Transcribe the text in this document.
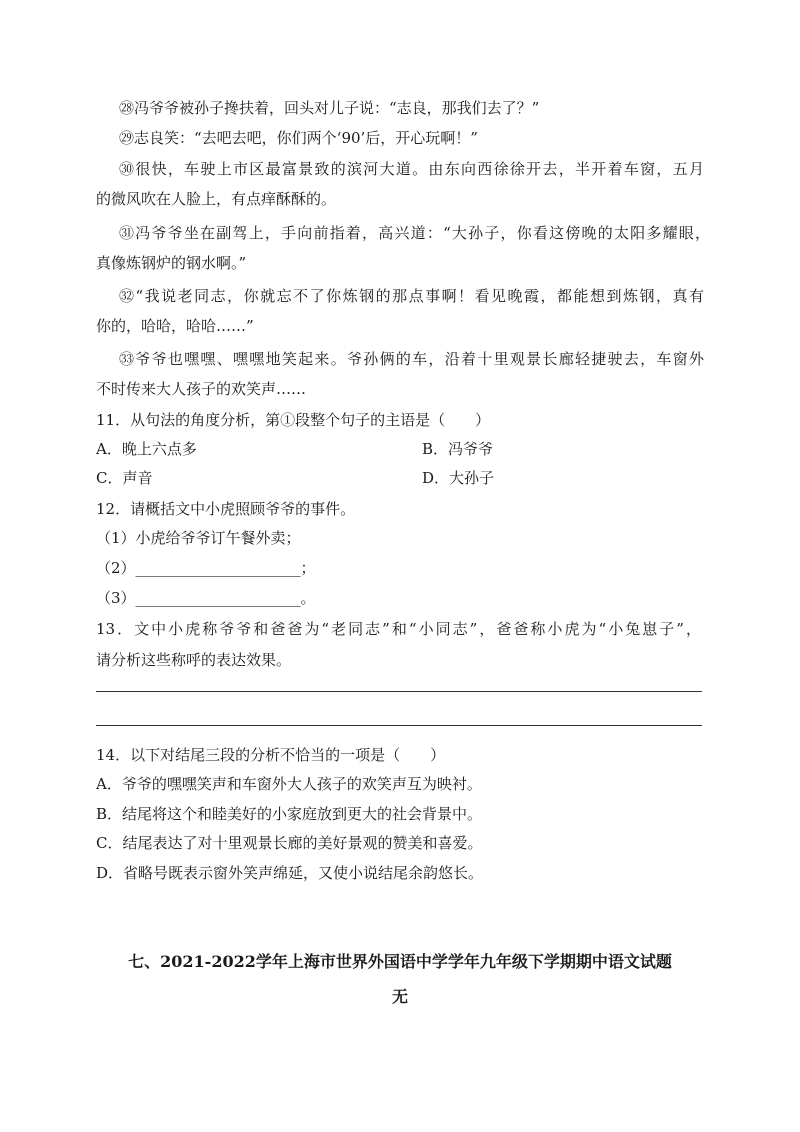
㉘冯爷爷被孙子搀扶着，回头对儿子说：“志良，那我们去了？”
㉙志良笑：“去吧去吧，你们两个‘90’后，开心玩啊！”
㉚很快，车驶上市区最富景致的滨河大道。由东向西徐徐开去，半开着车窗，五月
的微风吹在人脸上，有点痒酥酥的。
㉛冯爷爷坐在副驾上，手向前指着，高兴道：“大孙子，你看这傍晚的太阳多耀眼，
真像炼钢炉的钢水啊。”
㉜“我说老同志，你就忘不了你炼钢的那点事啊！看见晚霞，都能想到炼钢，真有
你的，哈哈，哈哈……”
㉝爷爷也嘿嘿、嘿嘿地笑起来。爷孙俩的车，沿着十里观景长廊轻捷驶去，车窗外
不时传来大人孩子的欢笑声……
11．从句法的角度分析，第①段整个句子的主语是（　　）
A．晚上六点多	B．冯爷爷
C．声音	D．大孙子
12．请概括文中小虎照顾爷爷的事件。
（1）小虎给爷爷订午餐外卖；
（2）______________________；
（3）______________________。
13．文中小虎称爷爷和爸爸为“老同志”和“小同志”，爸爸称小虎为“小兔崽子”，
请分析这些称呼的表达效果。
14．以下对结尾三段的分析不恰当的一项是（　　）
A．爷爷的嘿嘿笑声和车窗外大人孩子的欢笑声互为映衬。
B．结尾将这个和睦美好的小家庭放到更大的社会背景中。
C．结尾表达了对十里观景长廊的美好景观的赞美和喜爱。
D．省略号既表示窗外笑声绵延，又使小说结尾余韵悠长。
七、2021-2022学年上海市世界外国语中学学年九年级下学期期中语文试题
无
